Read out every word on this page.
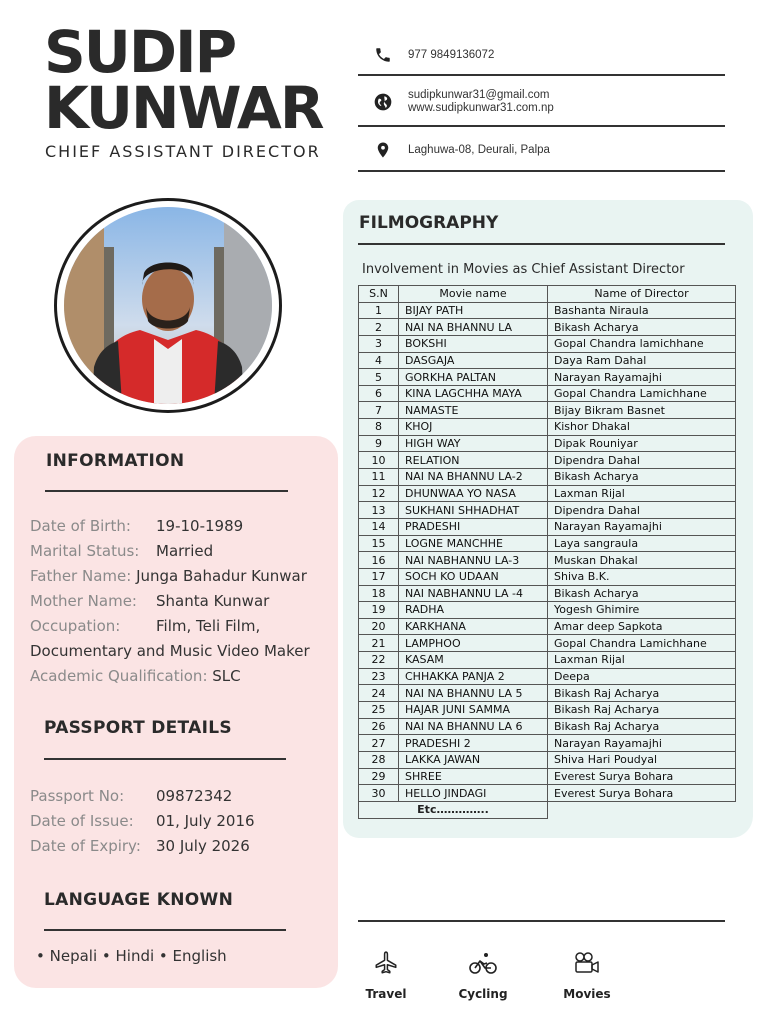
SUDIP
KUNWAR
CHIEF ASSISTANT DIRECTOR
977 9849136072
sudipkunwar31@gmail.com
www.sudipkunwar31.com.np
Laghuwa-08, Deurali, Palpa
INFORMATION
Date of Birth: 19-10-1989
Marital Status: Married
Father Name: Junga Bahadur Kunwar
Mother Name: Shanta Kunwar
Occupation: Film, Teli Film,
Documentary and Music Video Maker
Academic Qualification: SLC
PASSPORT DETAILS
Passport No: 09872342
Date of Issue: 01, July 2016
Date of Expiry: 30 July 2026
LANGUAGE KNOWN
• Nepali • Hindi • English
FILMOGRAPHY
Involvement in Movies as Chief Assistant Director
S.N	Movie name	Name of Director
1	BIJAY PATH	Bashanta Niraula
2	NAI NA BHANNU LA	Bikash Acharya
3	BOKSHI	Gopal Chandra lamichhane
4	DASGAJA	Daya Ram Dahal
5	GORKHA PALTAN	Narayan Rayamajhi
6	KINA LAGCHHA MAYA	Gopal Chandra Lamichhane
7	NAMASTE	Bijay Bikram Basnet
8	KHOJ	Kishor Dhakal
9	HIGH WAY	Dipak Rouniyar
10	RELATION	Dipendra Dahal
11	NAI NA BHANNU LA-2	Bikash Acharya
12	DHUNWAA YO NASA	Laxman Rijal
13	SUKHANI SHHADHAT	Dipendra Dahal
14	PRADESHI	Narayan Rayamajhi
15	LOGNE MANCHHE	Laya sangraula
16	NAI NABHANNU LA-3	Muskan Dhakal
17	SOCH KO UDAAN	Shiva B.K.
18	NAI NABHANNU LA -4	Bikash Acharya
19	RADHA	Yogesh Ghimire
20	KARKHANA	Amar deep Sapkota
21	LAMPHOO	Gopal Chandra Lamichhane
22	KASAM	Laxman Rijal
23	CHHAKKA PANJA 2	Deepa
24	NAI NA BHANNU LA 5	Bikash Raj Acharya
25	HAJAR JUNI SAMMA	Bikash Raj Acharya
26	NAI NA BHANNU LA 6	Bikash Raj Acharya
27	PRADESHI 2	Narayan Rayamajhi
28	LAKKA JAWAN	Shiva Hari Poudyal
29	SHREE	Everest Surya Bohara
30	HELLO JINDAGI	Everest Surya Bohara
Etc…………..
Travel	Cycling	Movies
